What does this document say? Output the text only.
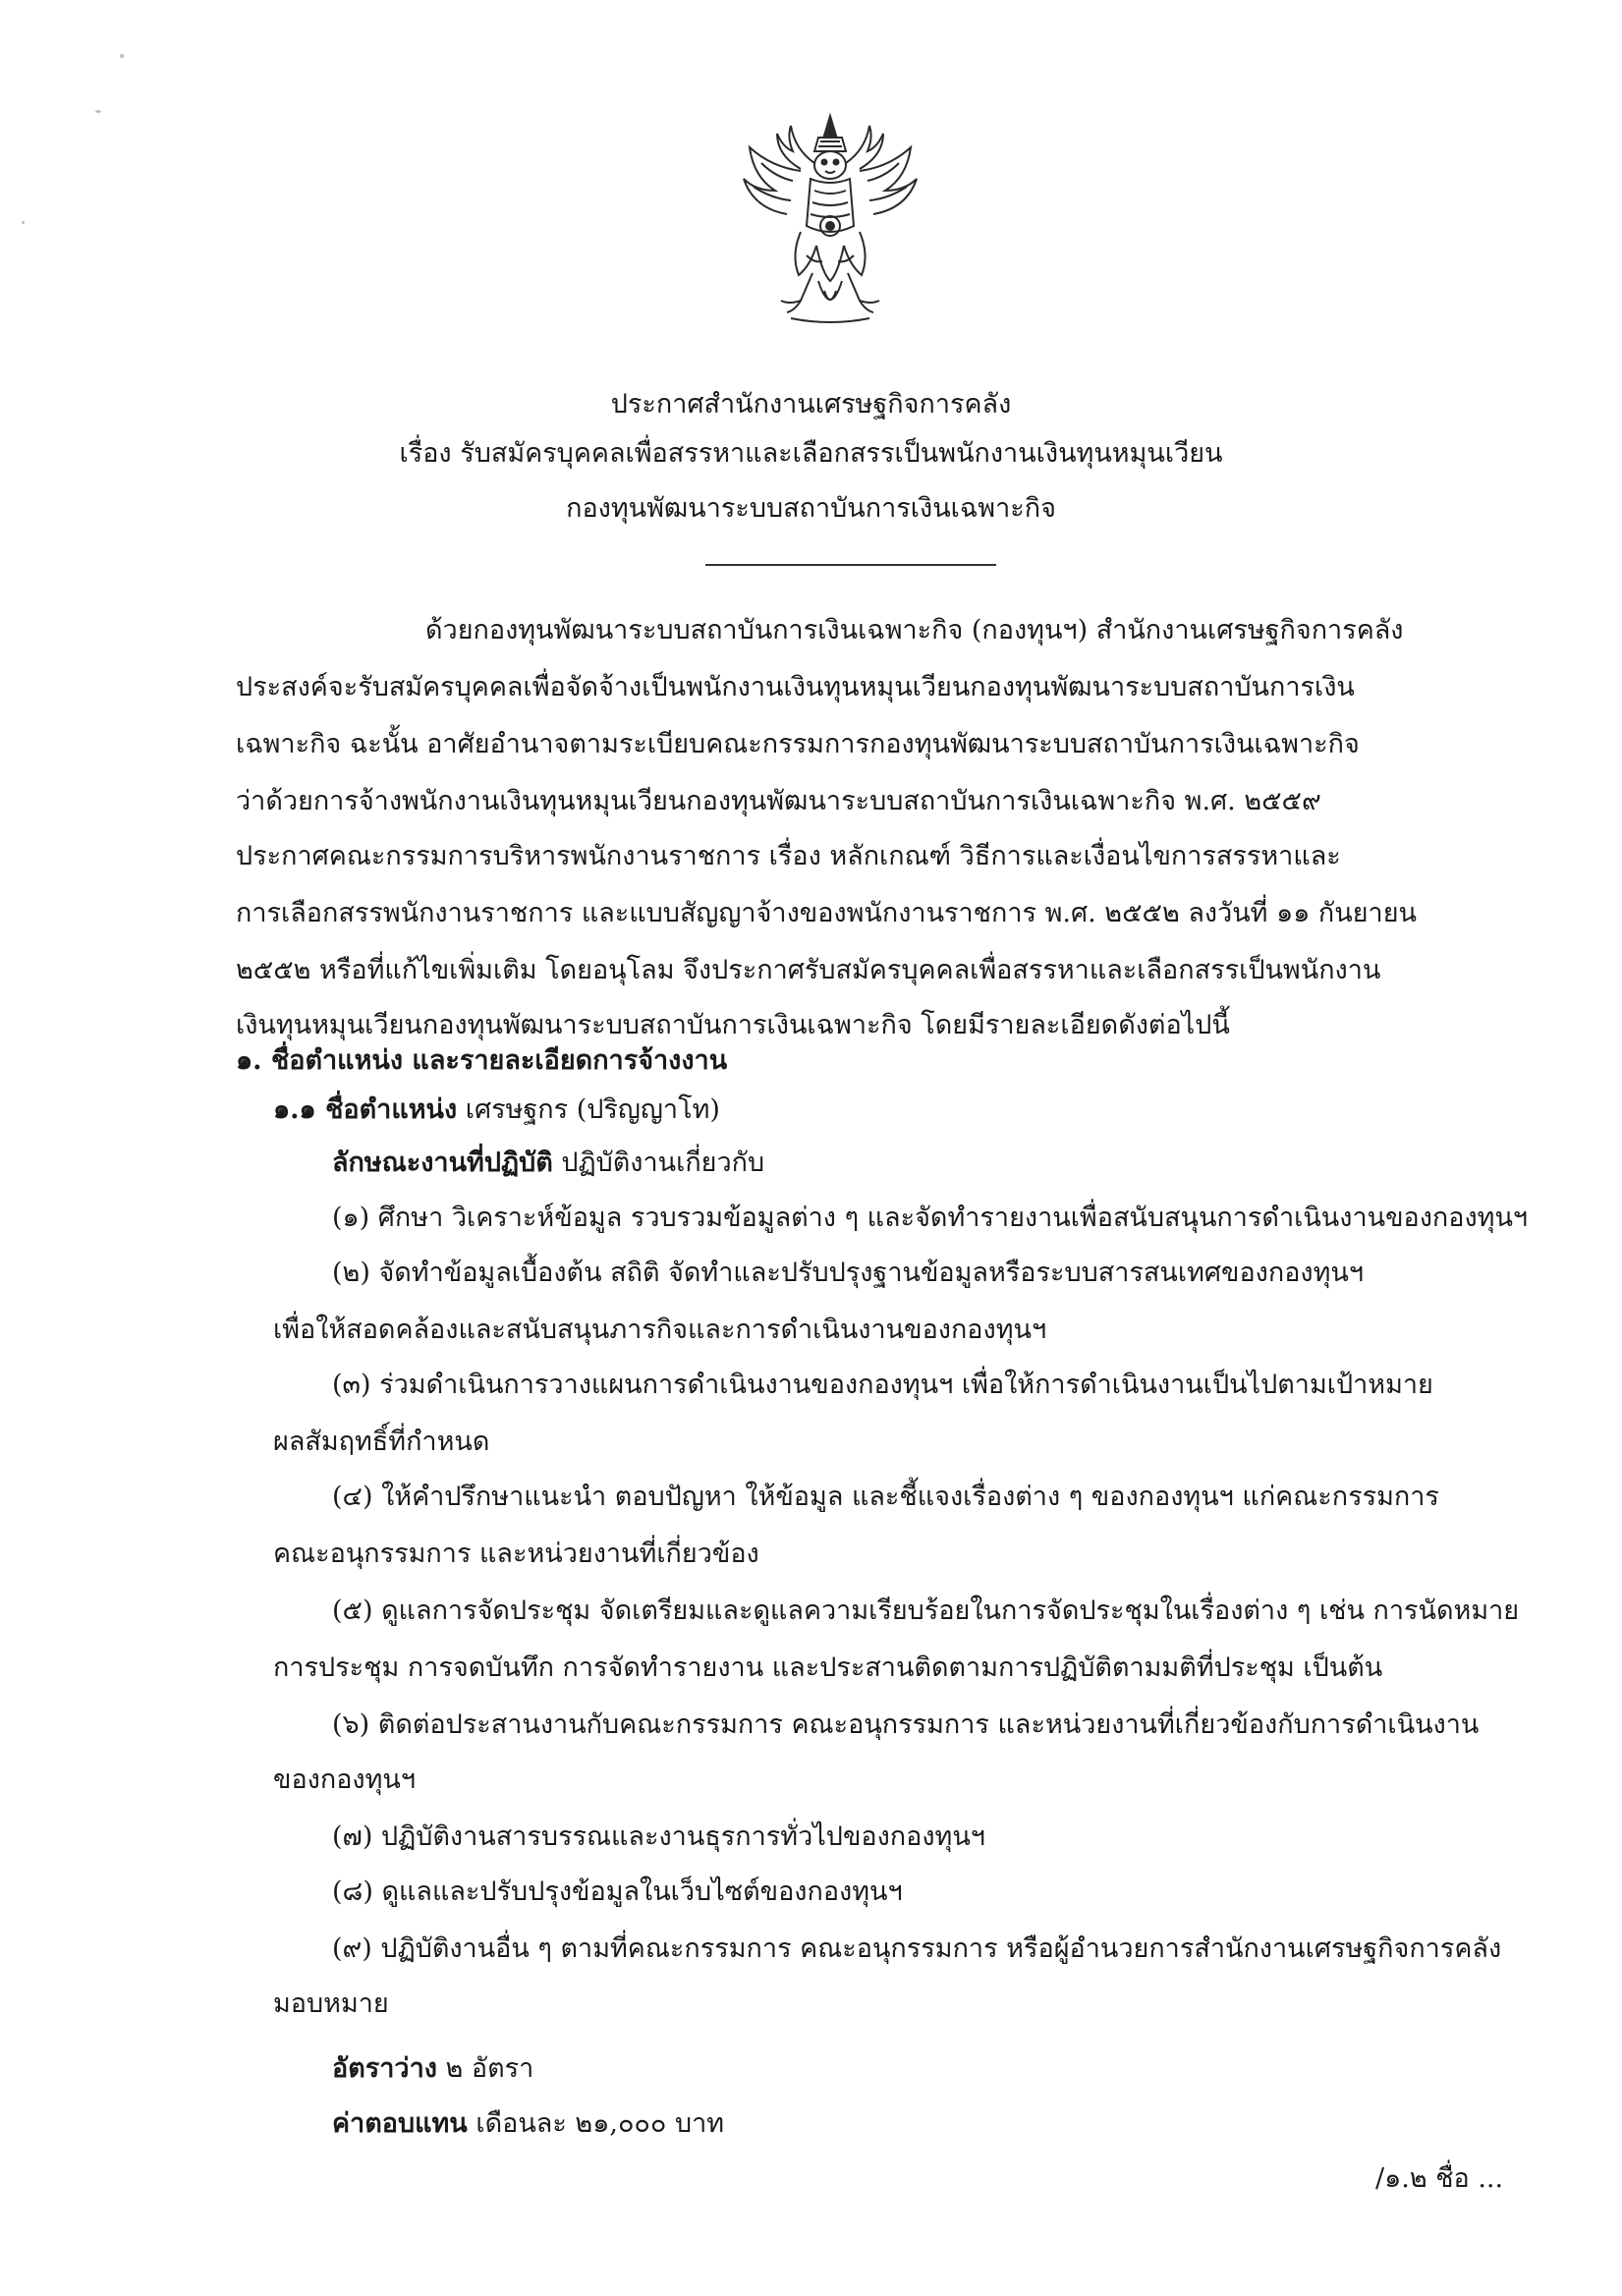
ประกาศสำนักงานเศรษฐกิจการคลัง
เรื่อง รับสมัครบุคคลเพื่อสรรหาและเลือกสรรเป็นพนักงานเงินทุนหมุนเวียน
กองทุนพัฒนาระบบสถาบันการเงินเฉพาะกิจ
ด้วยกองทุนพัฒนาระบบสถาบันการเงินเฉพาะกิจ (กองทุนฯ) สำนักงานเศรษฐกิจการคลัง
ประสงค์จะรับสมัครบุคคลเพื่อจัดจ้างเป็นพนักงานเงินทุนหมุนเวียนกองทุนพัฒนาระบบสถาบันการเงิน
เฉพาะกิจ ฉะนั้น อาศัยอำนาจตามระเบียบคณะกรรมการกองทุนพัฒนาระบบสถาบันการเงินเฉพาะกิจ
ว่าด้วยการจ้างพนักงานเงินทุนหมุนเวียนกองทุนพัฒนาระบบสถาบันการเงินเฉพาะกิจ พ.ศ. ๒๕๕๙
ประกาศคณะกรรมการบริหารพนักงานราชการ เรื่อง หลักเกณฑ์ วิธีการและเงื่อนไขการสรรหาและ
การเลือกสรรพนักงานราชการ และแบบสัญญาจ้างของพนักงานราชการ พ.ศ. ๒๕๕๒ ลงวันที่ ๑๑ กันยายน
๒๕๕๒ หรือที่แก้ไขเพิ่มเติม โดยอนุโลม จึงประกาศรับสมัครบุคคลเพื่อสรรหาและเลือกสรรเป็นพนักงาน
เงินทุนหมุนเวียนกองทุนพัฒนาระบบสถาบันการเงินเฉพาะกิจ โดยมีรายละเอียดดังต่อไปนี้
๑. ชื่อตำแหน่ง และรายละเอียดการจ้างงาน
๑.๑ ชื่อตำแหน่ง เศรษฐกร (ปริญญาโท)
ลักษณะงานที่ปฏิบัติ ปฏิบัติงานเกี่ยวกับ
(๑) ศึกษา วิเคราะห์ข้อมูล รวบรวมข้อมูลต่าง ๆ และจัดทำรายงานเพื่อสนับสนุนการดำเนินงานของกองทุนฯ
(๒) จัดทำข้อมูลเบื้องต้น สถิติ จัดทำและปรับปรุงฐานข้อมูลหรือระบบสารสนเทศของกองทุนฯ
เพื่อให้สอดคล้องและสนับสนุนภารกิจและการดำเนินงานของกองทุนฯ
(๓) ร่วมดำเนินการวางแผนการดำเนินงานของกองทุนฯ เพื่อให้การดำเนินงานเป็นไปตามเป้าหมาย
ผลสัมฤทธิ์ที่กำหนด
(๔) ให้คำปรึกษาแนะนำ ตอบปัญหา ให้ข้อมูล และชี้แจงเรื่องต่าง ๆ ของกองทุนฯ แก่คณะกรรมการ
คณะอนุกรรมการ และหน่วยงานที่เกี่ยวข้อง
(๕) ดูแลการจัดประชุม จัดเตรียมและดูแลความเรียบร้อยในการจัดประชุมในเรื่องต่าง ๆ เช่น การนัดหมาย
การประชุม การจดบันทึก การจัดทำรายงาน และประสานติดตามการปฏิบัติตามมติที่ประชุม เป็นต้น
(๖) ติดต่อประสานงานกับคณะกรรมการ คณะอนุกรรมการ และหน่วยงานที่เกี่ยวข้องกับการดำเนินงาน
ของกองทุนฯ
(๗) ปฏิบัติงานสารบรรณและงานธุรการทั่วไปของกองทุนฯ
(๘) ดูแลและปรับปรุงข้อมูลในเว็บไซต์ของกองทุนฯ
(๙) ปฏิบัติงานอื่น ๆ ตามที่คณะกรรมการ คณะอนุกรรมการ หรือผู้อำนวยการสำนักงานเศรษฐกิจการคลัง
มอบหมาย
อัตราว่าง ๒ อัตรา
ค่าตอบแทน เดือนละ ๒๑,๐๐๐ บาท
/๑.๒ ชื่อ ...
